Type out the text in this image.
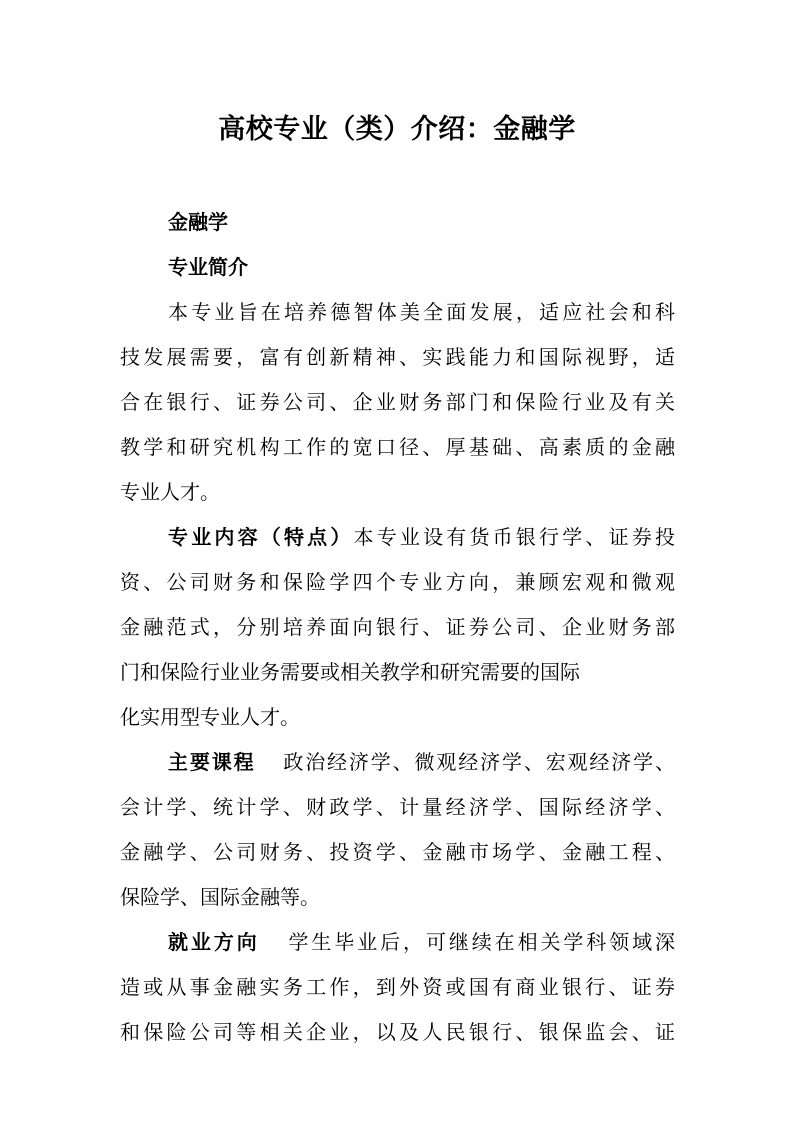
高校专业（类）介绍：金融学

金融学

专业简介

本专业旨在培养德智体美全面发展，适应社会和科
技发展需要，富有创新精神、实践能力和国际视野，适
合在银行、证券公司、企业财务部门和保险行业及有关
教学和研究机构工作的宽口径、厚基础、高素质的金融
专业人才。
专业内容（特点）本专业设有货币银行学、证券投
资、公司财务和保险学四个专业方向，兼顾宏观和微观
金融范式，分别培养面向银行、证券公司、企业财务部
门和保险行业业务需要或相关教学和研究需要的国际
化实用型专业人才。
主要课程 政治经济学、微观经济学、宏观经济学、
会计学、统计学、财政学、计量经济学、国际经济学、
金融学、公司财务、投资学、金融市场学、金融工程、
保险学、国际金融等。
就业方向 学生毕业后，可继续在相关学科领域深
造或从事金融实务工作，到外资或国有商业银行、证券
和保险公司等相关企业，以及人民银行、银保监会、证
